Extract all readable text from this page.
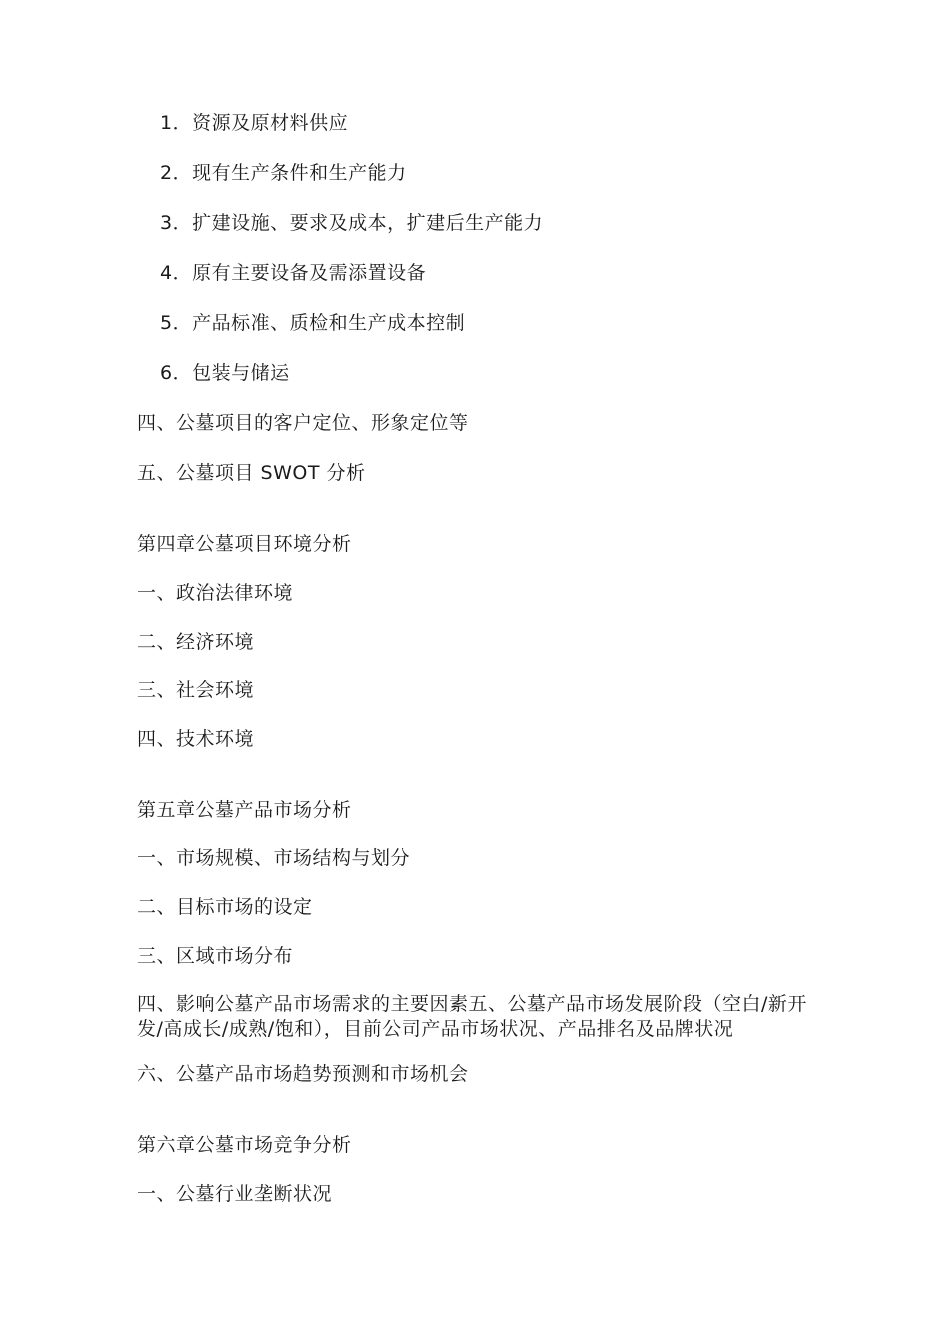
1．资源及原材料供应
2．现有生产条件和生产能力
3．扩建设施、要求及成本，扩建后生产能力
4．原有主要设备及需添置设备
5．产品标准、质检和生产成本控制
6．包装与储运
四、公墓项目的客户定位、形象定位等
五、公墓项目 SWOT 分析
第四章公墓项目环境分析
一、政治法律环境
二、经济环境
三、社会环境
四、技术环境
第五章公墓产品市场分析
一、市场规模、市场结构与划分
二、目标市场的设定
三、区域市场分布
四、影响公墓产品市场需求的主要因素五、公墓产品市场发展阶段（空白/新开发/高成长/成熟/饱和），目前公司产品市场状况、产品排名及品牌状况
六、公墓产品市场趋势预测和市场机会
第六章公墓市场竞争分析
一、公墓行业垄断状况
